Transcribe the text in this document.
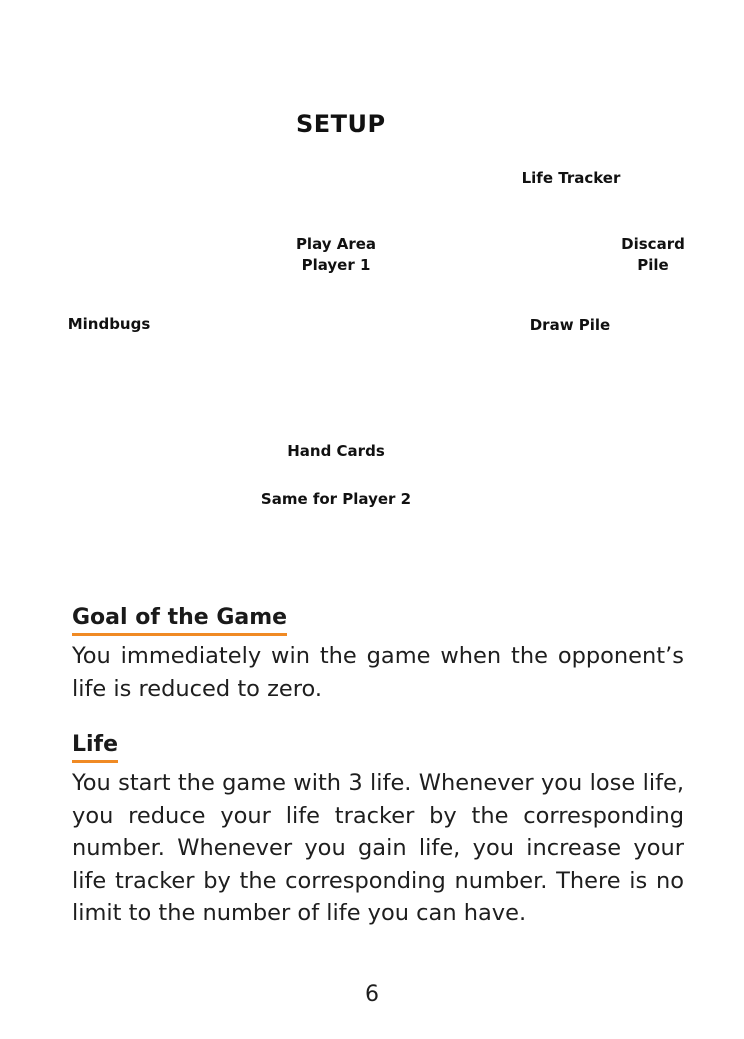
SETUP
Life Tracker
Play Area
Player 1
Discard
Pile
Mindbugs	Draw Pile
Hand Cards
Same for Player 2
Goal of the Game

You immediately win the game when the opponent’s life is reduced to zero.

Life

You start the game with 3 life. Whenever you lose life, you reduce your life tracker by the corresponding number. Whenever you gain life, you increase your life tracker by the corresponding number. There is no limit to the number of life you can have.

6
